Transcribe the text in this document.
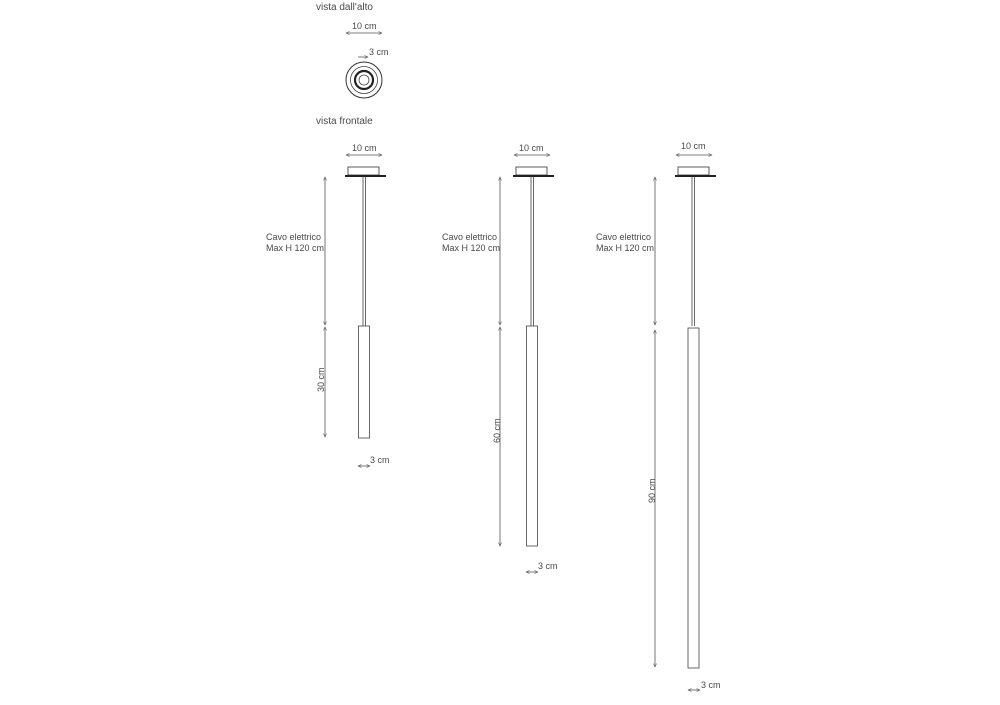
vista dall'alto
10 cm
3 cm
vista frontale
10 cm
Cavo elettrico
Max H 120 cm
30 cm
3 cm
10 cm
Cavo elettrico
Max H 120 cm
60 cm
3 cm
10 cm
Cavo elettrico
Max H 120 cm
90 cm
3 cm
